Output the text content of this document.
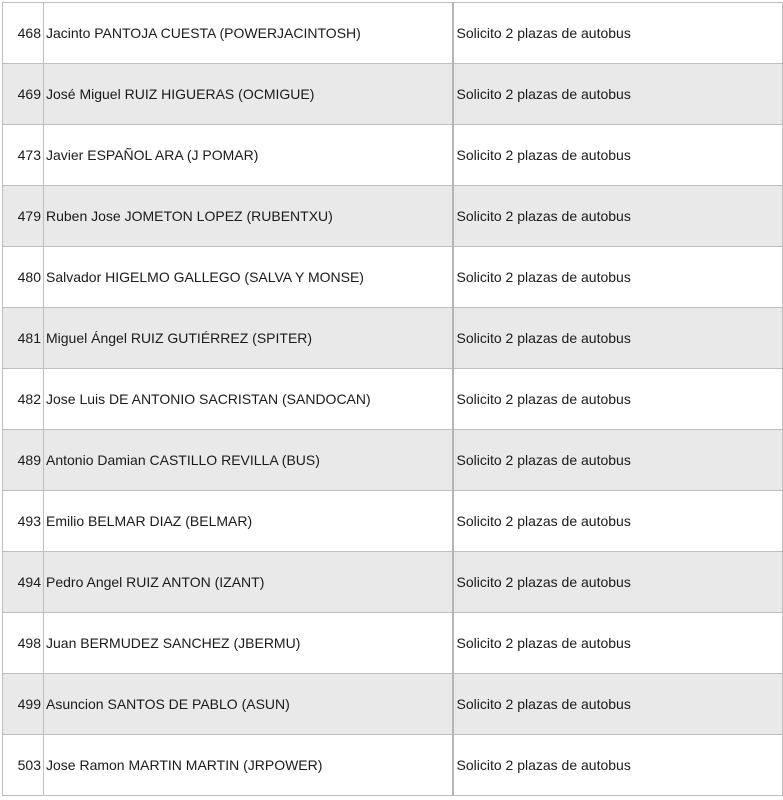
468	Jacinto PANTOJA CUESTA (POWERJACINTOSH)	Solicito 2 plazas de autobus
469	José Miguel RUIZ HIGUERAS (OCMIGUE)	Solicito 2 plazas de autobus
473	Javier ESPAÑOL ARA (J POMAR)	Solicito 2 plazas de autobus
479	Ruben Jose JOMETON LOPEZ (RUBENTXU)	Solicito 2 plazas de autobus
480	Salvador HIGELMO GALLEGO (SALVA Y MONSE)	Solicito 2 plazas de autobus
481	Miguel Ángel RUIZ GUTIÉRREZ (SPITER)	Solicito 2 plazas de autobus
482	Jose Luis DE ANTONIO SACRISTAN (SANDOCAN)	Solicito 2 plazas de autobus
489	Antonio Damian CASTILLO REVILLA (BUS)	Solicito 2 plazas de autobus
493	Emilio BELMAR DIAZ (BELMAR)	Solicito 2 plazas de autobus
494	Pedro Angel RUIZ ANTON (IZANT)	Solicito 2 plazas de autobus
498	Juan BERMUDEZ SANCHEZ (JBERMU)	Solicito 2 plazas de autobus
499	Asuncion SANTOS DE PABLO (ASUN)	Solicito 2 plazas de autobus
503	Jose Ramon MARTIN MARTIN (JRPOWER)	Solicito 2 plazas de autobus
